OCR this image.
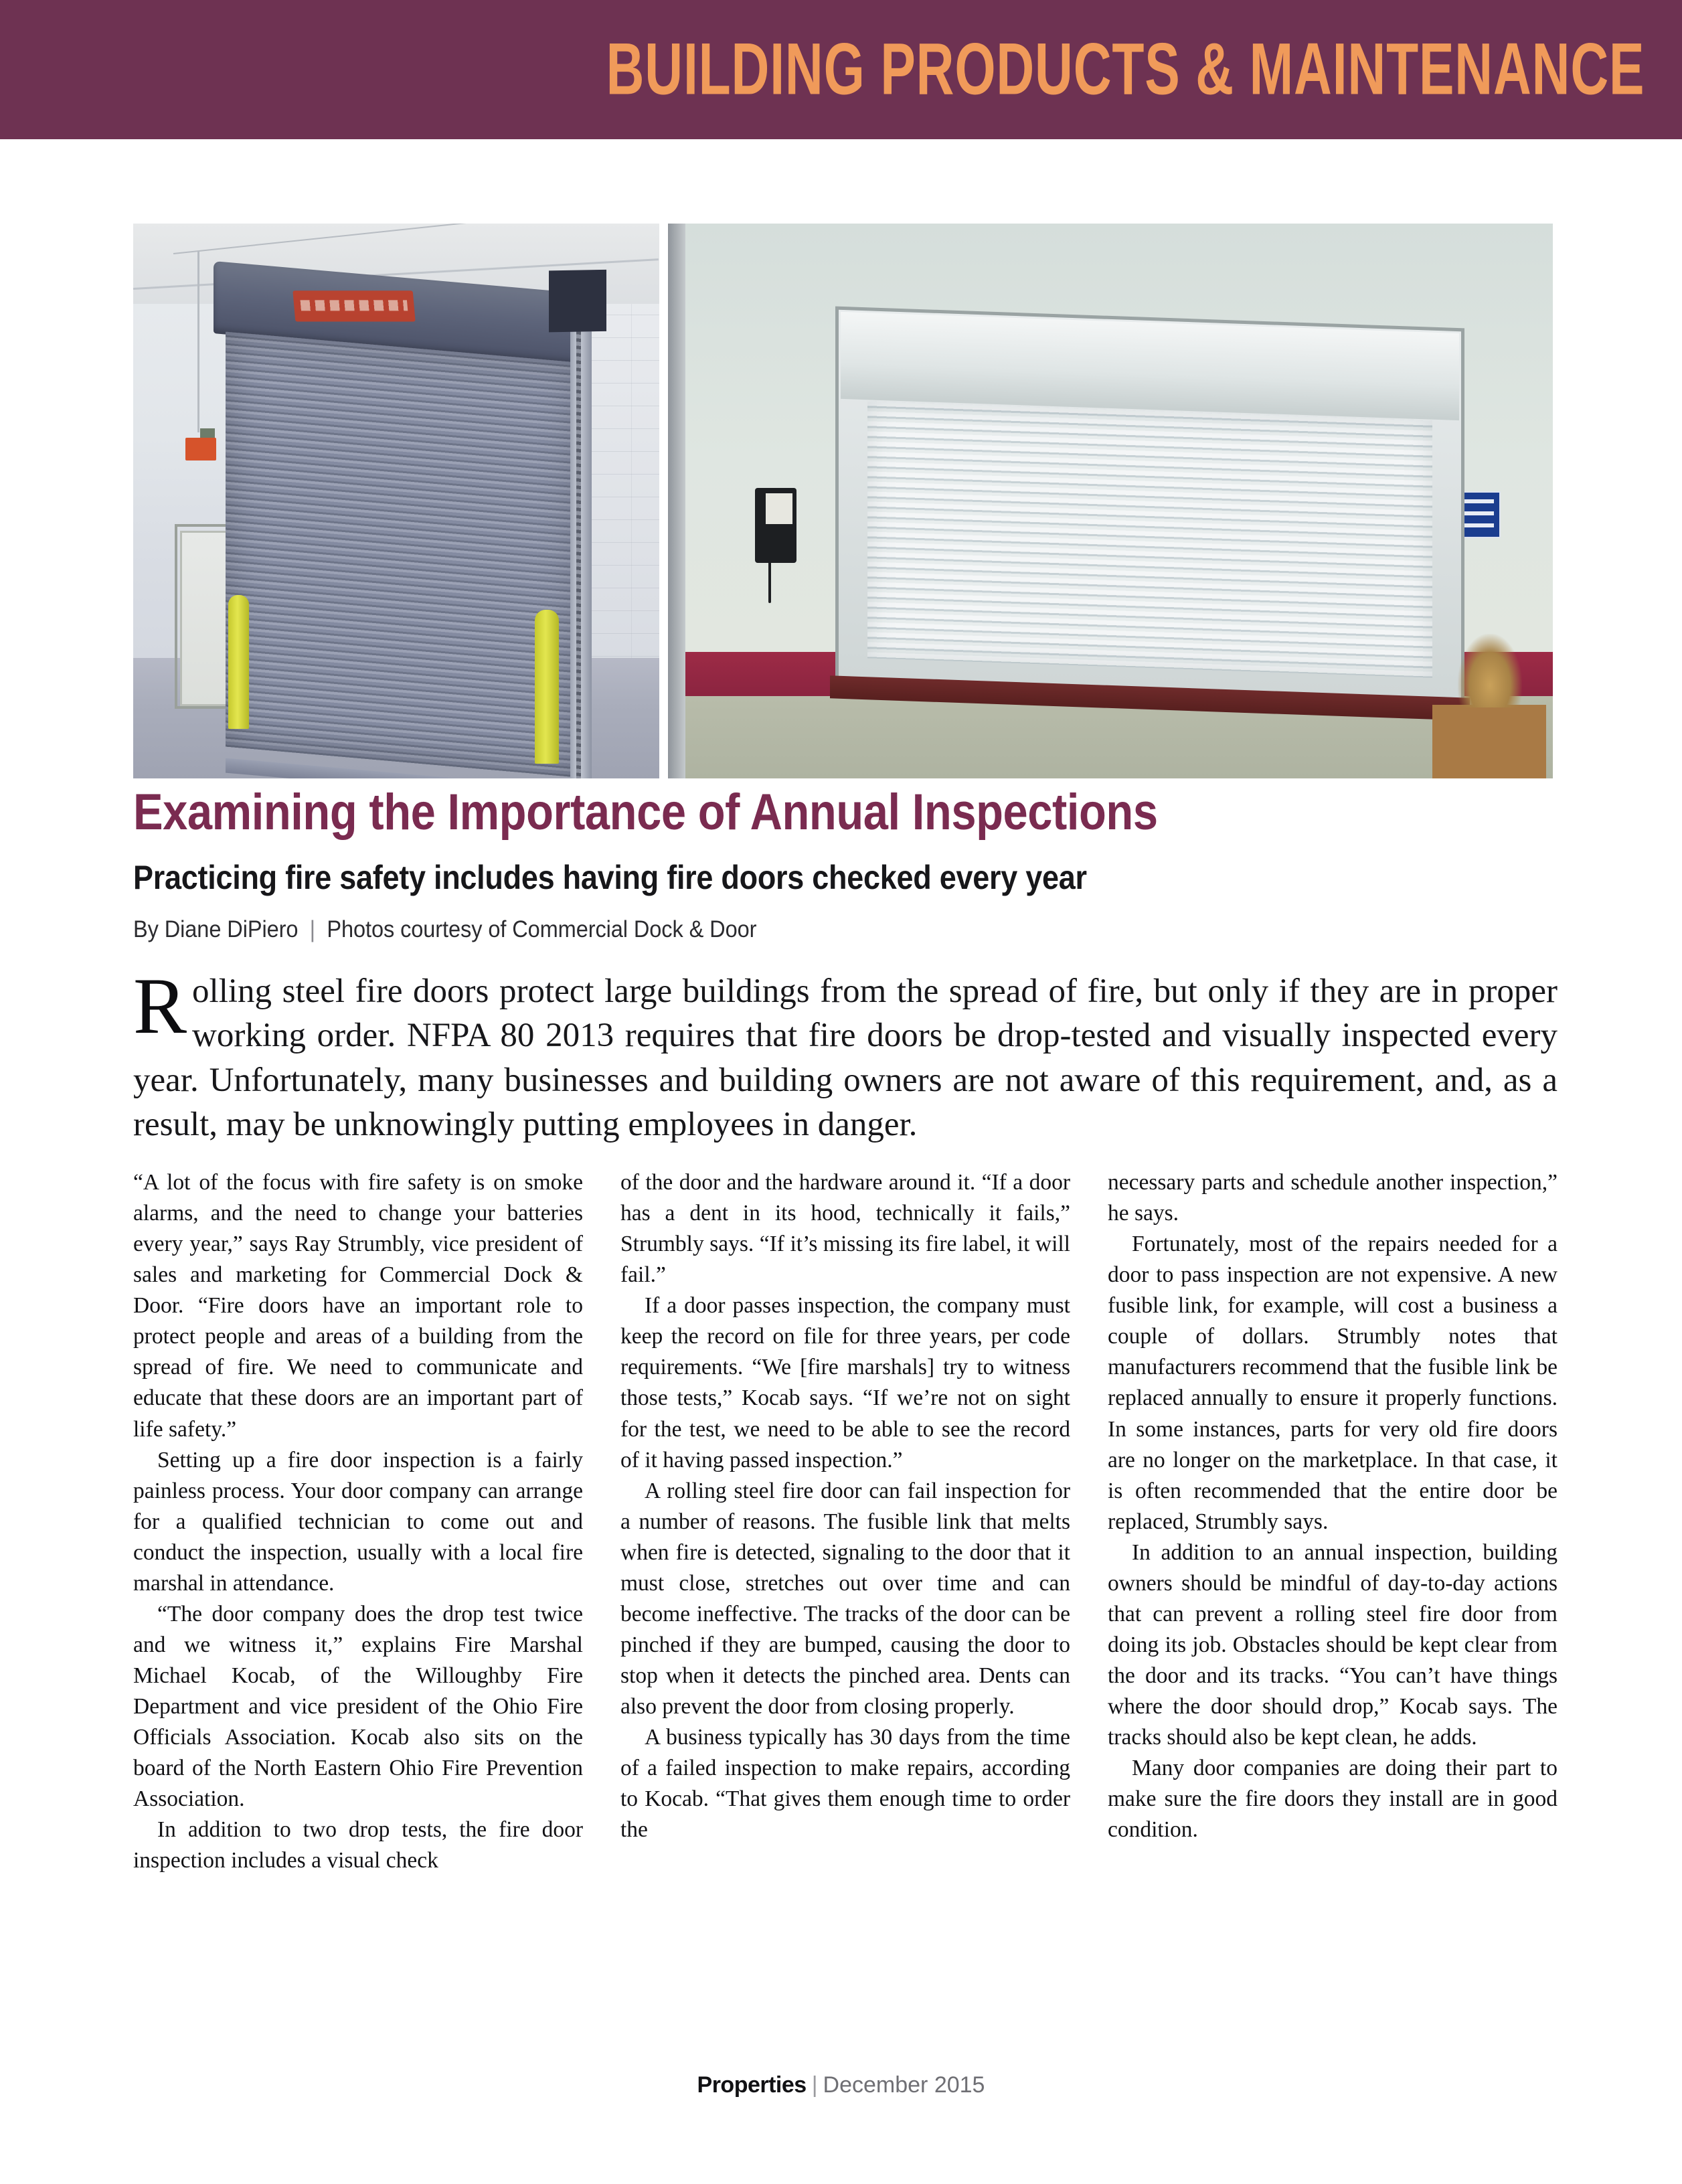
BUILDING PRODUCTS & MAINTENANCE
Examining the Importance of Annual Inspections
Practicing fire safety includes having fire doors checked every year
By Diane DiPiero | Photos courtesy of Commercial Dock & Door
Rolling steel fire doors protect large buildings from the spread of fire, but only if they are in proper working order. NFPA 80 2013 requires that fire doors be drop-tested and visually inspected every year. Unfortunately, many businesses and building owners are not aware of this requirement, and, as a result, may be unknowingly putting employees in danger.

“A lot of the focus with fire safety is on smoke alarms, and the need to change your batteries every year,” says Ray Strumbly, vice president of sales and marketing for Commercial Dock & Door. “Fire doors have an important role to protect people and areas of a building from the spread of fire. We need to communicate and educate that these doors are an important part of life safety.”

Setting up a fire door inspection is a fairly painless process. Your door company can arrange for a qualified technician to come out and conduct the inspection, usually with a local fire marshal in attendance.

“The door company does the drop test twice and we witness it,” explains Fire Marshal Michael Kocab, of the Willoughby Fire Department and vice president of the Ohio Fire Officials Association. Kocab also sits on the board of the North Eastern Ohio Fire Prevention Association.

In addition to two drop tests, the fire door inspection includes a visual check

of the door and the hardware around it. “If a door has a dent in its hood, technically it fails,” Strumbly says. “If it’s missing its fire label, it will fail.”

If a door passes inspection, the company must keep the record on file for three years, per code requirements. “We [fire marshals] try to witness those tests,” Kocab says. “If we’re not on sight for the test, we need to be able to see the record of it having passed inspection.”

A rolling steel fire door can fail inspection for a number of reasons. The fusible link that melts when fire is detected, signaling to the door that it must close, stretches out over time and can become ineffective. The tracks of the door can be pinched if they are bumped, causing the door to stop when it detects the pinched area. Dents can also prevent the door from closing properly.

A business typically has 30 days from the time of a failed inspection to make repairs, according to Kocab. “That gives them enough time to order the

necessary parts and schedule another inspection,” he says.

Fortunately, most of the repairs needed for a door to pass inspection are not expensive. A new fusible link, for example, will cost a business a couple of dollars. Strumbly notes that manufacturers recommend that the fusible link be replaced annually to ensure it properly functions. In some instances, parts for very old fire doors are no longer on the marketplace. In that case, it is often recommended that the entire door be replaced, Strumbly says.

In addition to an annual inspection, building owners should be mindful of day-to-day actions that can prevent a rolling steel fire door from doing its job. Obstacles should be kept clear from the door and its tracks. “You can’t have things where the door should drop,” Kocab says. The tracks should also be kept clean, he adds.

Many door companies are doing their part to make sure the fire doors they install are in good condition.

Properties | December 2015
